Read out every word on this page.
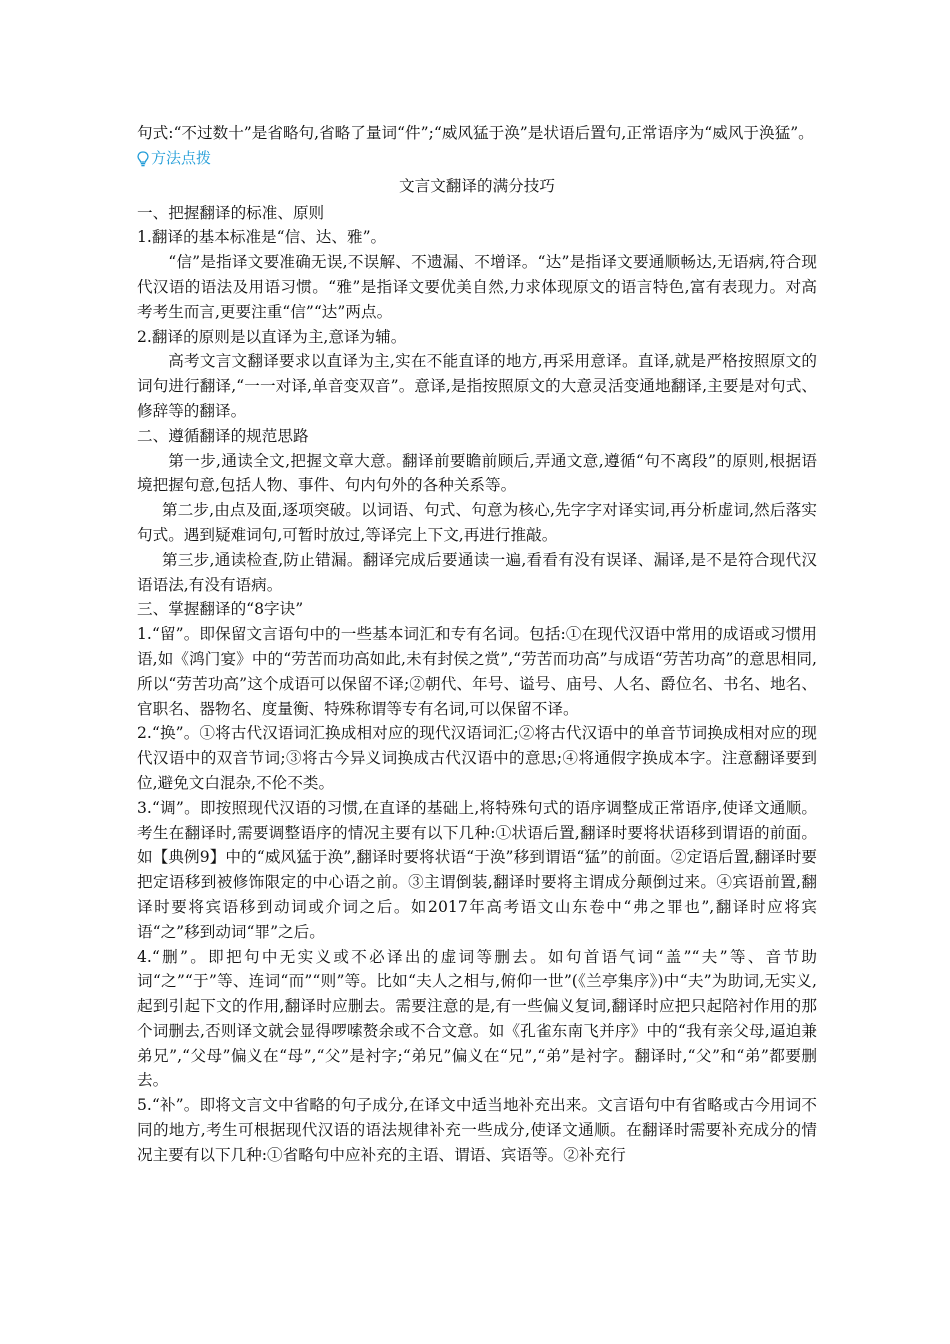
句式:“不过数十”是省略句,省略了量词“件”;“威风猛于涣”是状语后置句,正常语序为“威风于涣猛”。

方法点拨

文言文翻译的满分技巧

一、把握翻译的标准、原则

1.翻译的基本标准是“信、达、雅”。

“信”是指译文要准确无误,不误解、不遗漏、不增译。“达”是指译文要通顺畅达,无语病,符合现代汉语的语法及用语习惯。“雅”是指译文要优美自然,力求体现原文的语言特色,富有表现力。对高考考生而言,更要注重“信”“达”两点。

2.翻译的原则是以直译为主,意译为辅。

高考文言文翻译要求以直译为主,实在不能直译的地方,再采用意译。直译,就是严格按照原文的词句进行翻译,“一一对译,单音变双音”。意译,是指按照原文的大意灵活变通地翻译,主要是对句式、修辞等的翻译。

二、遵循翻译的规范思路

第一步,通读全文,把握文章大意。翻译前要瞻前顾后,弄通文意,遵循“句不离段”的原则,根据语境把握句意,包括人物、事件、句内句外的各种关系等。

第二步,由点及面,逐项突破。以词语、句式、句意为核心,先字字对译实词,再分析虚词,然后落实句式。遇到疑难词句,可暂时放过,等译完上下文,再进行推敲。

第三步,通读检查,防止错漏。翻译完成后要通读一遍,看看有没有误译、漏译,是不是符合现代汉语语法,有没有语病。

三、掌握翻译的“8字诀”

1.“留”。即保留文言语句中的一些基本词汇和专有名词。包括:①在现代汉语中常用的成语或习惯用语,如《鸿门宴》中的“劳苦而功高如此,未有封侯之赏”,“劳苦而功高”与成语“劳苦功高”的意思相同,所以“劳苦功高”这个成语可以保留不译;②朝代、年号、谥号、庙号、人名、爵位名、书名、地名、官职名、器物名、度量衡、特殊称谓等专有名词,可以保留不译。

2.“换”。①将古代汉语词汇换成相对应的现代汉语词汇;②将古代汉语中的单音节词换成相对应的现代汉语中的双音节词;③将古今异义词换成古代汉语中的意思;④将通假字换成本字。注意翻译要到位,避免文白混杂,不伦不类。

3.“调”。即按照现代汉语的习惯,在直译的基础上,将特殊句式的语序调整成正常语序,使译文通顺。考生在翻译时,需要调整语序的情况主要有以下几种:①状语后置,翻译时要将状语移到谓语的前面。如【典例9】中的“威风猛于涣”,翻译时要将状语“于涣”移到谓语“猛”的前面。②定语后置,翻译时要把定语移到被修饰限定的中心语之前。③主谓倒装,翻译时要将主谓成分颠倒过来。④宾语前置,翻译时要将宾语移到动词或介词之后。如2017年高考语文山东卷中“弗之罪也”,翻译时应将宾语“之”移到动词“罪”之后。

4.“删”。即把句中无实义或不必译出的虚词等删去。如句首语气词“盖”“夫”等、音节助词“之”“于”等、连词“而”“则”等。比如“夫人之相与,俯仰一世”(《兰亭集序》)中“夫”为助词,无实义,起到引起下文的作用,翻译时应删去。需要注意的是,有一些偏义复词,翻译时应把只起陪衬作用的那个词删去,否则译文就会显得啰嗦赘余或不合文意。如《孔雀东南飞并序》中的“我有亲父母,逼迫兼弟兄”,“父母”偏义在“母”,“父”是衬字;“弟兄”偏义在“兄”,“弟”是衬字。翻译时,“父”和“弟”都要删去。

5.“补”。即将文言文中省略的句子成分,在译文中适当地补充出来。文言语句中有省略或古今用词不同的地方,考生可根据现代汉语的语法规律补充一些成分,使译文通顺。在翻译时需要补充成分的情况主要有以下几种:①省略句中应补充的主语、谓语、宾语等。②补充行
